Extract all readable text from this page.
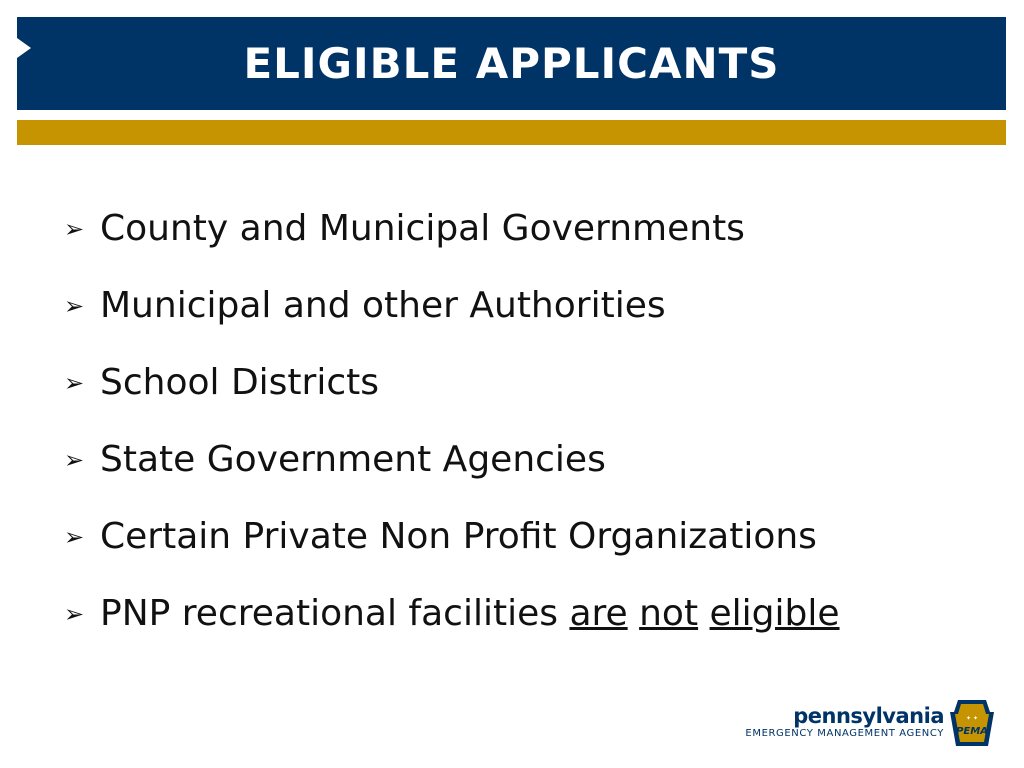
ELIGIBLE APPLICANTS
➢ County and Municipal Governments
➢ Municipal and other Authorities
➢ School Districts
➢ State Government Agencies
➢ Certain Private Non Profit Organizations
➢ PNP recreational facilities are not eligible
pennsylvania
EMERGENCY MANAGEMENT AGENCY PEMA
✦ ✦
